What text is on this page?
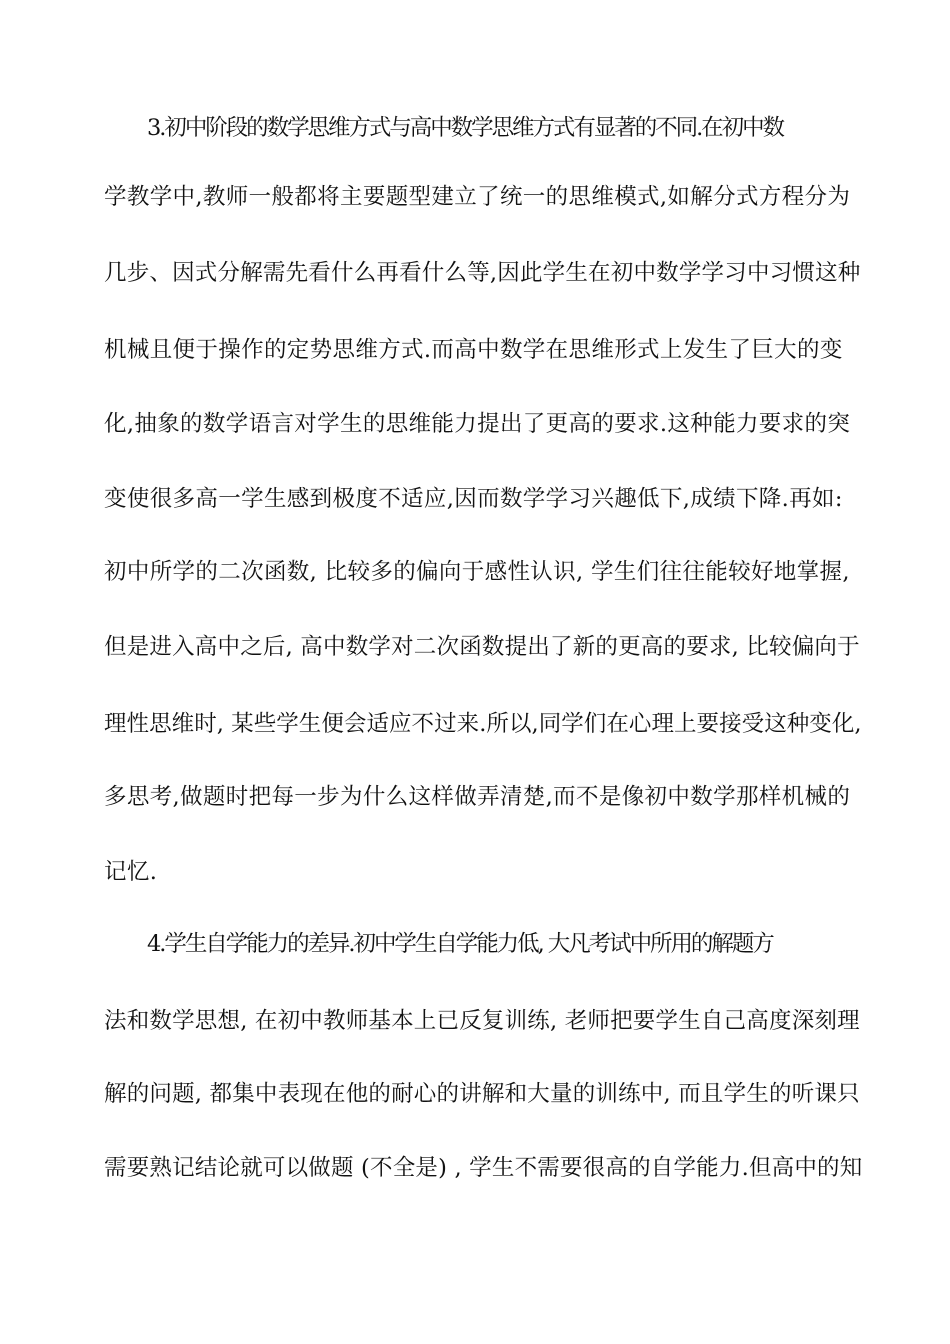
3.初中阶段的数学思维方式与高中数学思维方式有显著的不同.在初中数
学教学中,教师一般都将主要题型建立了统一的思维模式,如解分式方程分为
几步、因式分解需先看什么再看什么等,因此学生在初中数学学习中习惯这种
机械且便于操作的定势思维方式.而高中数学在思维形式上发生了巨大的变
化,抽象的数学语言对学生的思维能力提出了更高的要求.这种能力要求的突
变使很多高一学生感到极度不适应,因而数学学习兴趣低下,成绩下降.再如:
初中所学的二次函数, 比较多的偏向于感性认识, 学生们往往能较好地掌握,
但是进入高中之后, 高中数学对二次函数提出了新的更高的要求, 比较偏向于
理性思维时, 某些学生便会适应不过来.所以,同学们在心理上要接受这种变化,
多思考,做题时把每一步为什么这样做弄清楚,而不是像初中数学那样机械的
记忆.
4.学生自学能力的差异.初中学生自学能力低, 大凡考试中所用的解题方
法和数学思想, 在初中教师基本上已反复训练, 老师把要学生自己高度深刻理
解的问题, 都集中表现在他的耐心的讲解和大量的训练中, 而且学生的听课只
需要熟记结论就可以做题 (不全是) , 学生不需要很高的自学能力.但高中的知
